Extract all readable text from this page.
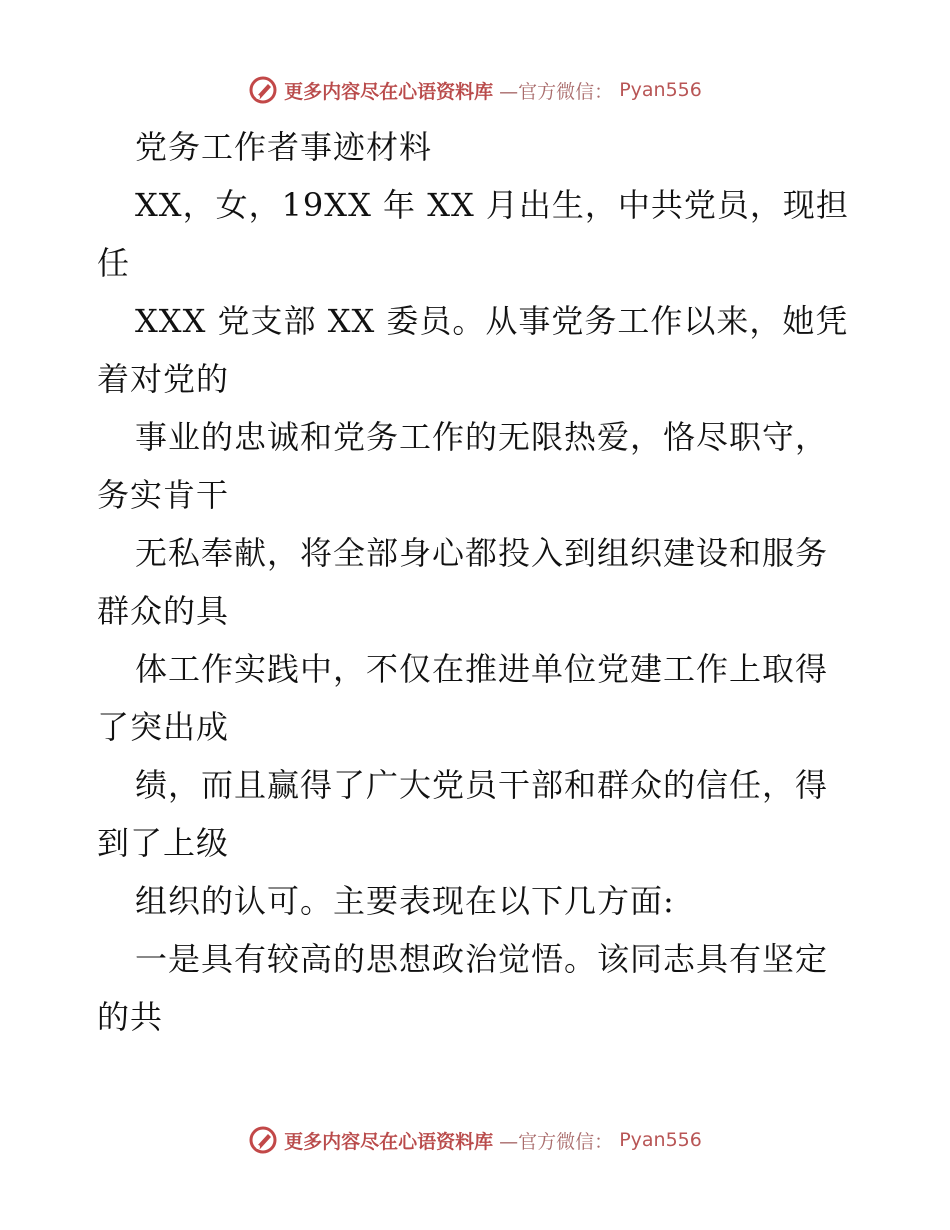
更多内容尽在心语资料库 —官方微信： Pyan556
党务工作者事迹材料
XX，女，19XX 年 XX 月出生，中共党员，现担
任
XXX 党支部 XX 委员。从事党务工作以来，她凭
着对党的
事业的忠诚和党务工作的无限热爱，恪尽职守，
务实肯干
无私奉献，将全部身心都投入到组织建设和服务
群众的具
体工作实践中，不仅在推进单位党建工作上取得
了突出成
绩，而且赢得了广大党员干部和群众的信任，得
到了上级
组织的认可。主要表现在以下几方面:
一是具有较高的思想政治觉悟。该同志具有坚定
的共
更多内容尽在心语资料库 —官方微信： Pyan556
